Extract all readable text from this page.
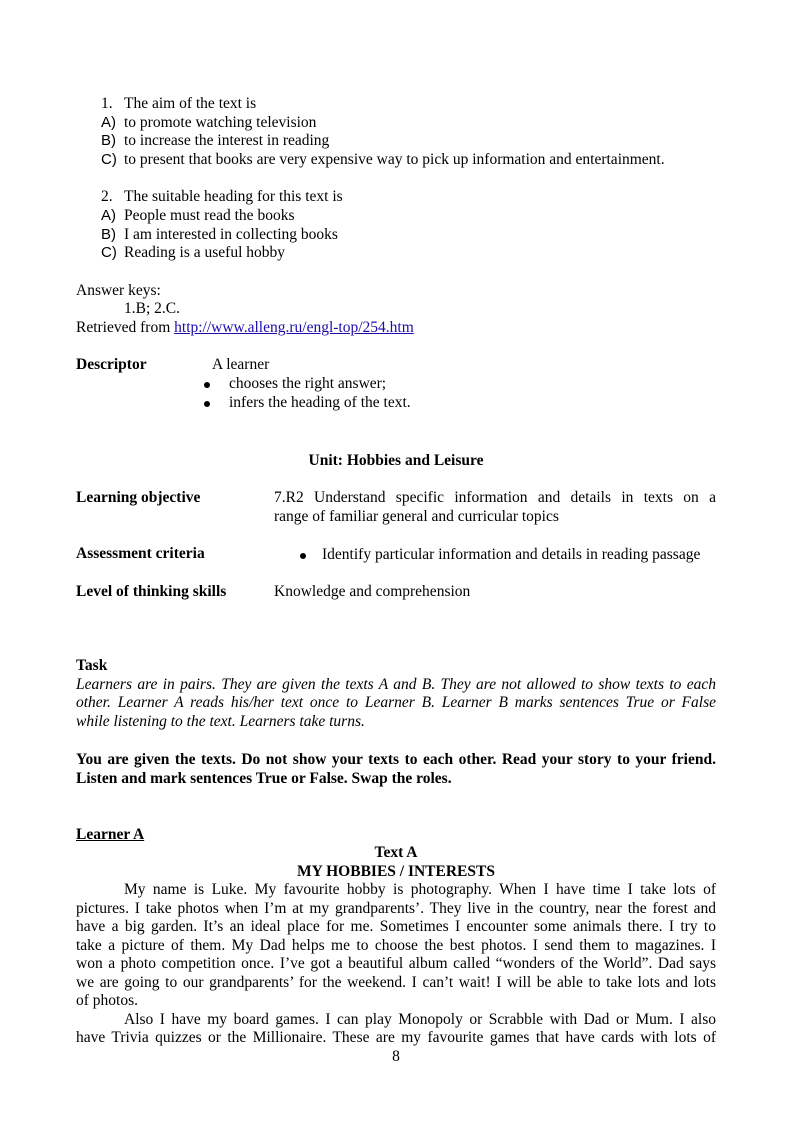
1. The aim of the text is
A) to promote watching television
B) to increase the interest in reading
C) to present that books are very expensive way to pick up information and entertainment.
2. The suitable heading for this text is
A) People must read the books
B) I am interested in collecting books
C) Reading is a useful hobby
Answer keys:
1.B; 2.C.
Retrieved from http://www.alleng.ru/engl-top/254.htm
Descriptor	A learner
chooses the right answer;
infers the heading of the text.
Unit: Hobbies and Leisure
Learning objective	7.R2 Understand specific information and details in texts on a
range of familiar general and curricular topics
Assessment criteria	Identify particular information and details in reading passage
Level of thinking skills	Knowledge and comprehension
Task
Learners are in pairs. They are given the texts A and B. They are not allowed to show texts to each
other. Learner A reads his/her text once to Learner B. Learner B marks sentences True or False
while listening to the text. Learners take turns.
You are given the texts. Do not show your texts to each other. Read your story to your friend.
Listen and mark sentences True or False. Swap the roles.
Learner A
Text A
MY HOBBIES / INTERESTS
My name is Luke. My favourite hobby is photography. When I have time I take lots of
pictures. I take photos when I’m at my grandparents’. They live in the country, near the forest and
have a big garden. It’s an ideal place for me. Sometimes I encounter some animals there. I try to
take a picture of them. My Dad helps me to choose the best photos. I send them to magazines. I
won a photo competition once. I’ve got a beautiful album called “wonders of the World”. Dad says
we are going to our grandparents’ for the weekend. I can’t wait! I will be able to take lots and lots
of photos.
Also I have my board games. I can play Monopoly or Scrabble with Dad or Mum. I also
have Trivia quizzes or the Millionaire. These are my favourite games that have cards with lots of
8
